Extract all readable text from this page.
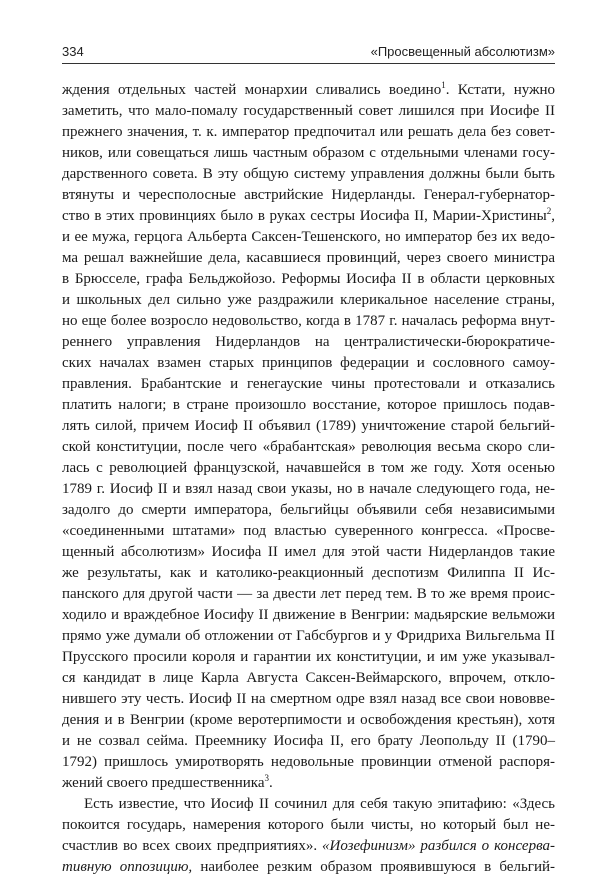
334	«Просвещенный абсолютизм»
ждения отдельных частей монархии сливались воедино$^1$. Кстати, нужно
заметить, что мало-помалу государственный совет лишился при Иосифе II
прежнего значения, т. к. император предпочитал или решать дела без совет-
ников, или совещаться лишь частным образом с отдельными членами госу-
дарственного совета. В эту общую систему управления должны были быть
втянуты и чересполосные австрийские Нидерланды. Генерал-губернатор-
ство в этих провинциях было в руках сестры Иосифа II, Марии-Христины$^2$,
и ее мужа, герцога Альберта Саксен-Тешенского, но император без их ведо-
ма решал важнейшие дела, касавшиеся провинций, через своего министра
в Брюсселе, графа Бельджойозо. Реформы Иосифа II в области церковных
и школьных дел сильно уже раздражили клерикальное население страны,
но еще более возросло недовольство, когда в 1787 г. началась реформа внут-
реннего управления Нидерландов на централистически-бюрократиче-
ских началах взамен старых принципов федерации и сословного самоу-
правления. Брабантские и генегауские чины протестовали и отказались
платить налоги; в стране произошло восстание, которое пришлось подав-
лять силой, причем Иосиф II объявил (1789) уничтожение старой бельгий-
ской конституции, после чего «брабантская» революция весьма скоро сли-
лась с революцией французской, начавшейся в том же году. Хотя осенью
1789 г. Иосиф II и взял назад свои указы, но в начале следующего года, не-
задолго до смерти императора, бельгийцы объявили себя независимыми
«соединенными штатами» под властью суверенного конгресса. «Просве-
щенный абсолютизм» Иосифа II имел для этой части Нидерландов такие
же результаты, как и католико-реакционный деспотизм Филиппа II Ис-
панского для другой части — за двести лет перед тем. В то же время проис-
ходило и враждебное Иосифу II движение в Венгрии: мадьярские вельможи
прямо уже думали об отложении от Габсбургов и у Фридриха Вильгельма II
Прусского просили короля и гарантии их конституции, и им уже указывал-
ся кандидат в лице Карла Августа Саксен-Веймарского, впрочем, откло-
нившего эту честь. Иосиф II на смертном одре взял назад все свои нововве-
дения и в Венгрии (кроме веротерпимости и освобождения крестьян), хотя
и не созвал сейма. Преемнику Иосифа II, его брату Леопольду II (1790–
1792) пришлось умиротворять недовольные провинции отменой распоря-
жений своего предшественника$^3$.
Есть известие, что Иосиф II сочинил для себя такую эпитафию: «Здесь
покоится государь, намерения которого были чисты, но который был не-
счастлив во всех своих предприятиях». «Иозефинизм» разбился о консерва-
тивную оппозицию, наиболее резким образом проявившуюся в бельгий-
